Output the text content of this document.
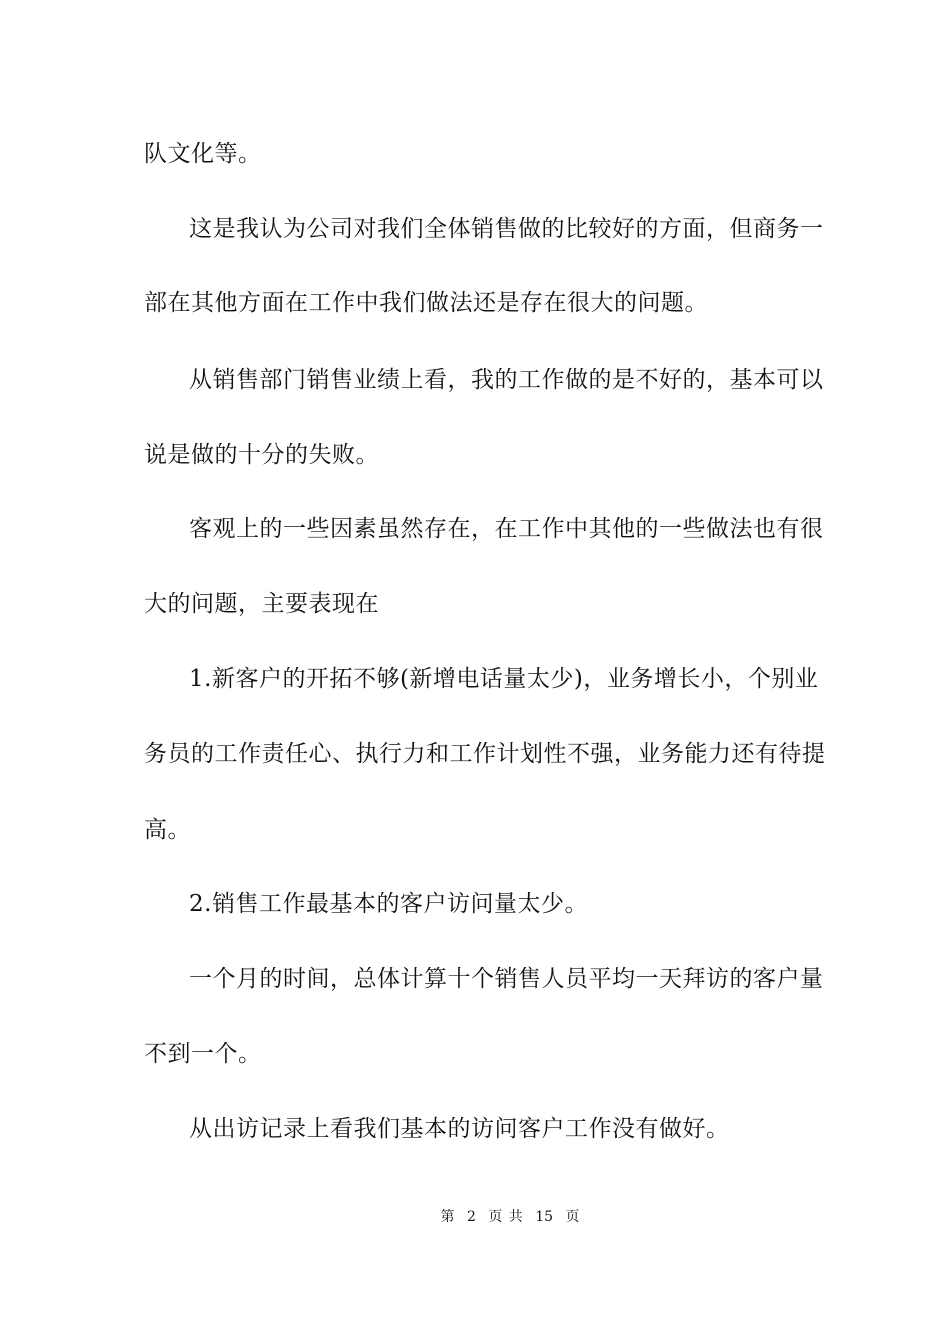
队文化等。
这是我认为公司对我们全体销售做的比较好的方面，但商务一
部在其他方面在工作中我们做法还是存在很大的问题。
从销售部门销售业绩上看，我的工作做的是不好的，基本可以
说是做的十分的失败。
客观上的一些因素虽然存在，在工作中其他的一些做法也有很
大的问题，主要表现在
1.新客户的开拓不够(新增电话量太少)，业务增长小，个别业
务员的工作责任心、执行力和工作计划性不强，业务能力还有待提
高。
2.销售工作最基本的客户访问量太少。
一个月的时间，总体计算十个销售人员平均一天拜访的客户量
不到一个。
从出访记录上看我们基本的访问客户工作没有做好。
第 2 页 共 15 页
